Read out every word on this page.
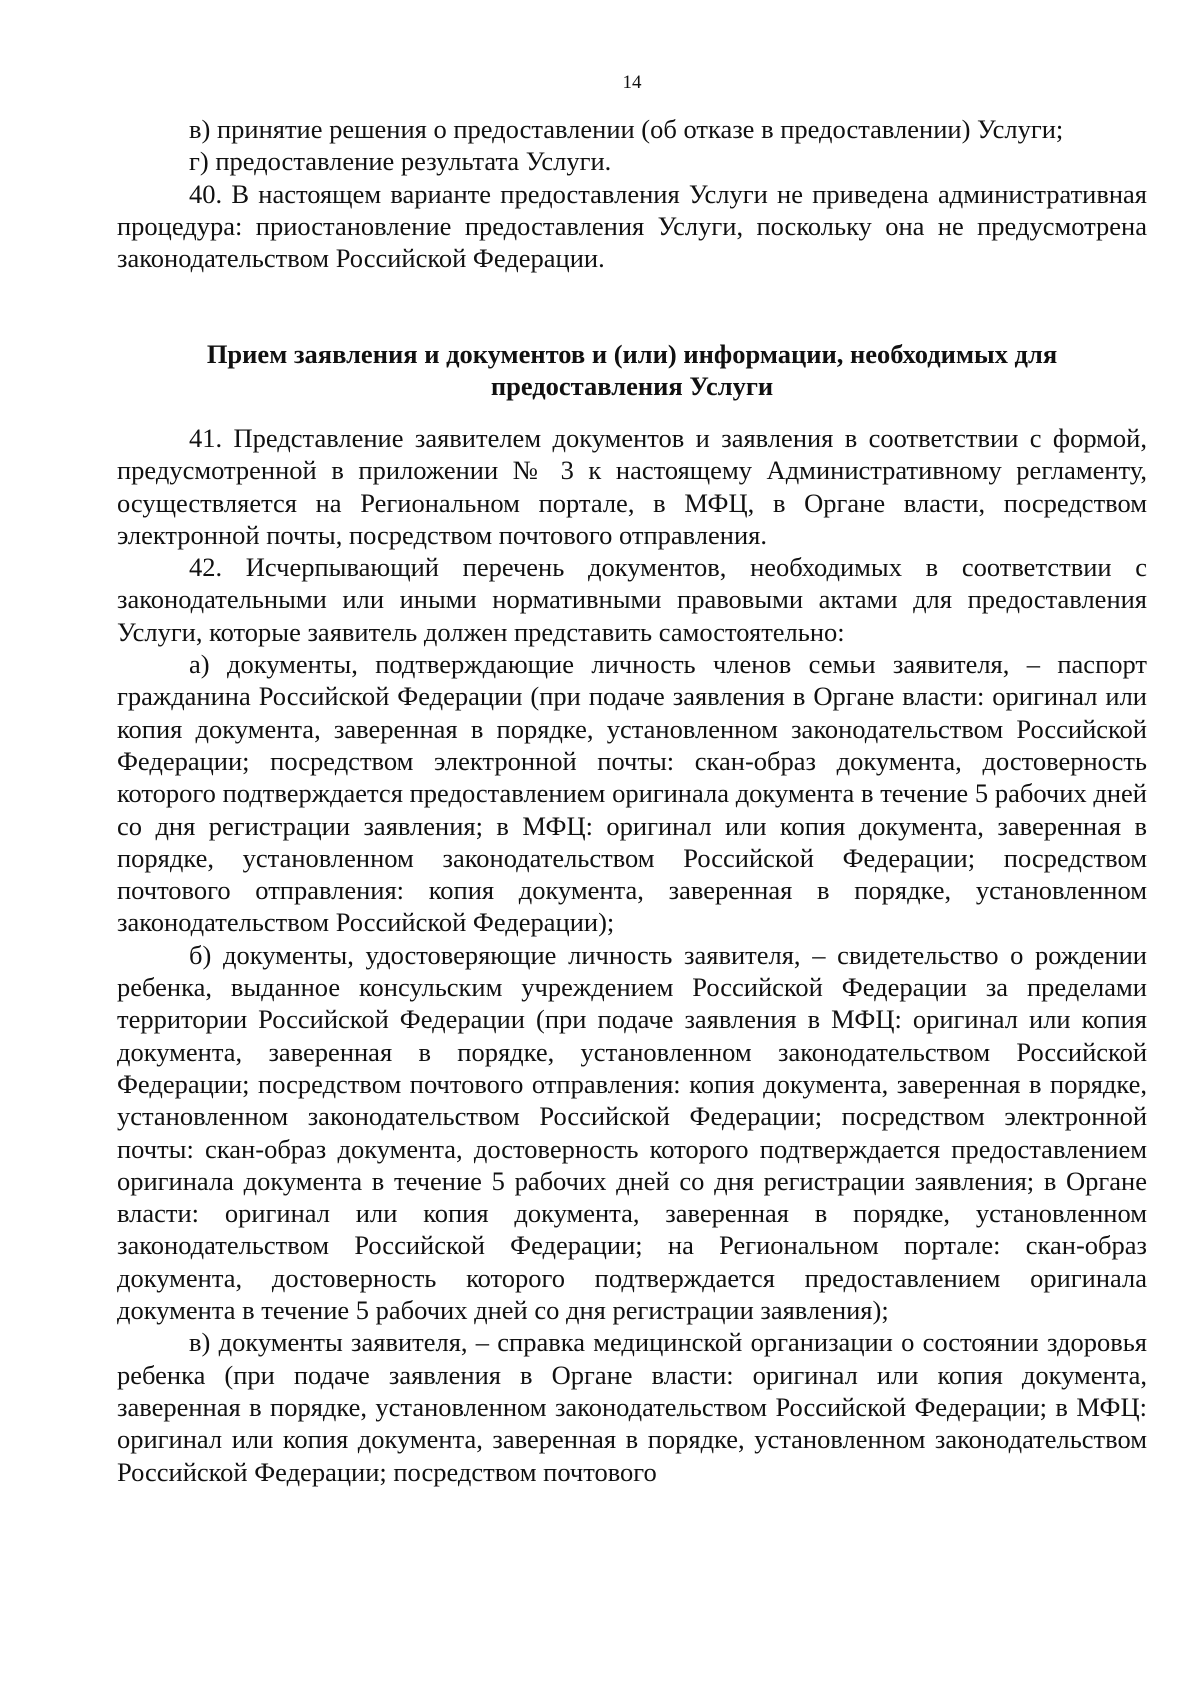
14

в) принятие решения о предоставлении (об отказе в предоставлении) Услуги;

г) предоставление результата Услуги.

40. В настоящем варианте предоставления Услуги не приведена административная процедура: приостановление предоставления Услуги, поскольку она не предусмотрена законодательством Российской Федерации.

Прием заявления и документов и (или) информации, необходимых для
предоставления Услуги

41. Представление заявителем документов и заявления в соответствии с формой, предусмотренной в приложении № 3 к настоящему Административному регламенту, осуществляется на Региональном портале, в МФЦ, в Органе власти, посредством электронной почты, посредством почтового отправления.

42. Исчерпывающий перечень документов, необходимых в соответствии с законодательными или иными нормативными правовыми актами для предоставления Услуги, которые заявитель должен представить самостоятельно:

а) документы, подтверждающие личность членов семьи заявителя, – паспорт гражданина Российской Федерации (при подаче заявления в Органе власти: оригинал или копия документа, заверенная в порядке, установленном законодательством Российской Федерации; посредством электронной почты: скан-образ документа, достоверность которого подтверждается предоставлением оригинала документа в течение 5 рабочих дней со дня регистрации заявления; в МФЦ: оригинал или копия документа, заверенная в порядке, установленном законодательством Российской Федерации; посредством почтового отправления: копия документа, заверенная в порядке, установленном законодательством Российской Федерации);

б) документы, удостоверяющие личность заявителя, – свидетельство о рождении ребенка, выданное консульским учреждением Российской Федерации за пределами территории Российской Федерации (при подаче заявления в МФЦ: оригинал или копия документа, заверенная в порядке, установленном законодательством Российской Федерации; посредством почтового отправления: копия документа, заверенная в порядке, установленном законодательством Российской Федерации; посредством электронной почты: скан-образ документа, достоверность которого подтверждается предоставлением оригинала документа в течение 5 рабочих дней со дня регистрации заявления; в Органе власти: оригинал или копия документа, заверенная в порядке, установленном законодательством Российской Федерации; на Региональном портале: скан-образ документа, достоверность которого подтверждается предоставлением оригинала документа в течение 5 рабочих дней со дня регистрации заявления);

в) документы заявителя, – справка медицинской организации о состоянии здоровья ребенка (при подаче заявления в Органе власти: оригинал или копия документа, заверенная в порядке, установленном законодательством Российской Федерации; в МФЦ: оригинал или копия документа, заверенная в порядке, установленном законодательством Российской Федерации; посредством почтового
